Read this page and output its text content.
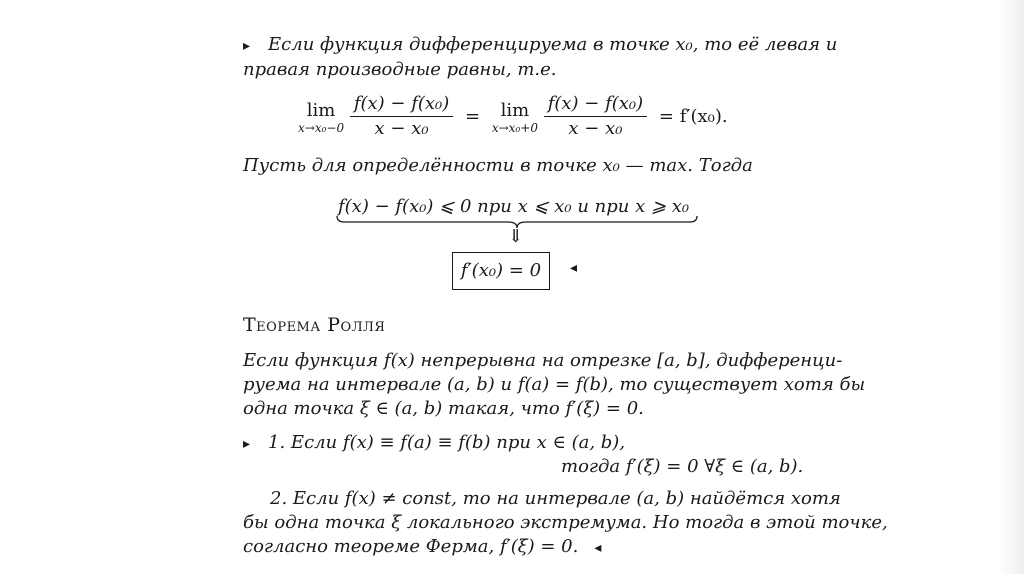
▸ Если функция дифференцируема в точке x₀, то её левая и
правая производные равны, т.е.
lim
x→x₀−0
$\frac{\text{f(x) − f(x₀)}}{\text{x − x₀}}$ =	lim
x→x₀+0
$\frac{\text{f(x) − f(x₀)}}{\text{x − x₀}} = f'(x_0)$.
Пусть для определённости в точке x₀ — max. Тогда
f(x) − f(x₀) ⩽ 0 при x ⩽ x₀ и при x ⩾ x₀
⇓
f′(x₀) = 0	◂
Теорема Ролля
Если функция f(x) непрерывна на отрезке [a, b], дифференци-
руема на интервале (a, b) и f(a) = f(b), то существует хотя бы
одна точка ξ ∈ (a, b) такая, что f′(ξ) = 0.
▸ 1. Если f(x) ≡ f(a) ≡ f(b) при x ∈ (a, b),
тогда f′(ξ) = 0 ∀ξ ∈ (a, b).
2. Если f(x) ≠ const, то на интервале (a, b) найдётся хотя
бы одна точка ξ локального экстремума. Но тогда в этой точке,
согласно теореме Ферма, f′(ξ) = 0. ◂
